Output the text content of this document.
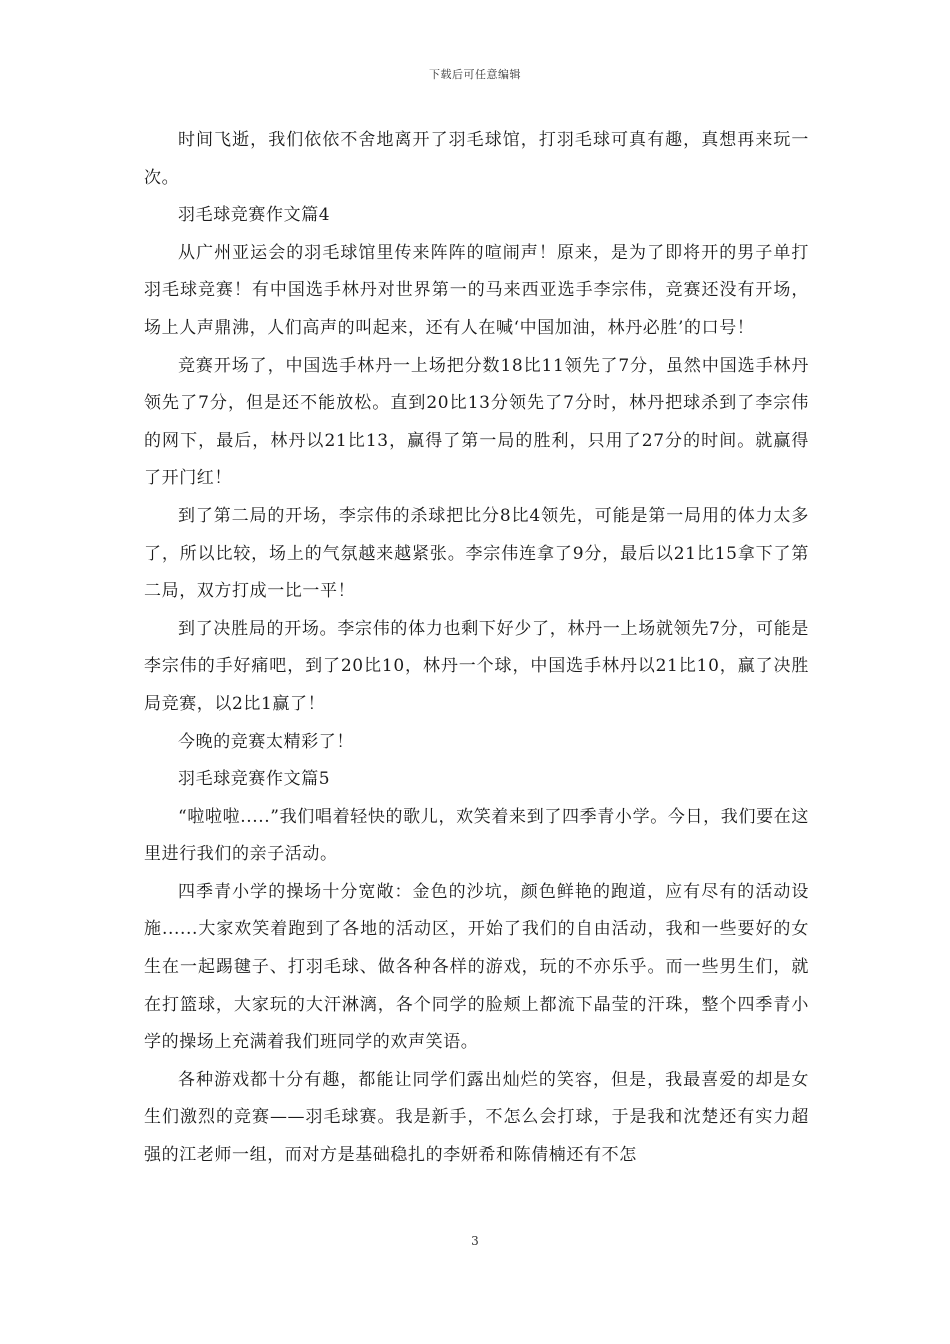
下载后可任意编辑

时间飞逝，我们依依不舍地离开了羽毛球馆，打羽毛球可真有趣，真想再来玩一次。

羽毛球竞赛作文篇4

从广州亚运会的羽毛球馆里传来阵阵的喧闹声！原来，是为了即将开的男子单打羽毛球竞赛！有中国选手林丹对世界第一的马来西亚选手李宗伟，竞赛还没有开场，场上人声鼎沸，人们高声的叫起来，还有人在喊‘中国加油，林丹必胜’的口号！

竞赛开场了，中国选手林丹一上场把分数18比11领先了7分，虽然中国选手林丹领先了7分，但是还不能放松。直到20比13分领先了7分时，林丹把球杀到了李宗伟的网下，最后，林丹以21比13，赢得了第一局的胜利，只用了27分的时间。就赢得了开门红！

到了第二局的开场，李宗伟的杀球把比分8比4领先，可能是第一局用的体力太多了，所以比较，场上的气氛越来越紧张。李宗伟连拿了9分，最后以21比15拿下了第二局，双方打成一比一平！

到了决胜局的开场。李宗伟的体力也剩下好少了，林丹一上场就领先7分，可能是李宗伟的手好痛吧，到了20比10，林丹一个球，中国选手林丹以21比10，赢了决胜局竞赛，以2比1赢了！

今晚的竞赛太精彩了！

羽毛球竞赛作文篇5

“啦啦啦.....”我们唱着轻快的歌儿，欢笑着来到了四季青小学。今日，我们要在这里进行我们的亲子活动。

四季青小学的操场十分宽敞：金色的沙坑，颜色鲜艳的跑道，应有尽有的活动设施......大家欢笑着跑到了各地的活动区，开始了我们的自由活动，我和一些要好的女生在一起踢毽子、打羽毛球、做各种各样的游戏，玩的不亦乐乎。而一些男生们，就在打篮球，大家玩的大汗淋漓，各个同学的脸颊上都流下晶莹的汗珠，整个四季青小学的操场上充满着我们班同学的欢声笑语。

各种游戏都十分有趣，都能让同学们露出灿烂的笑容，但是，我最喜爱的却是女生们激烈的竞赛——羽毛球赛。我是新手，不怎么会打球，于是我和沈楚还有实力超强的江老师一组，而对方是基础稳扎的李妍希和陈倩楠还有不怎

3
